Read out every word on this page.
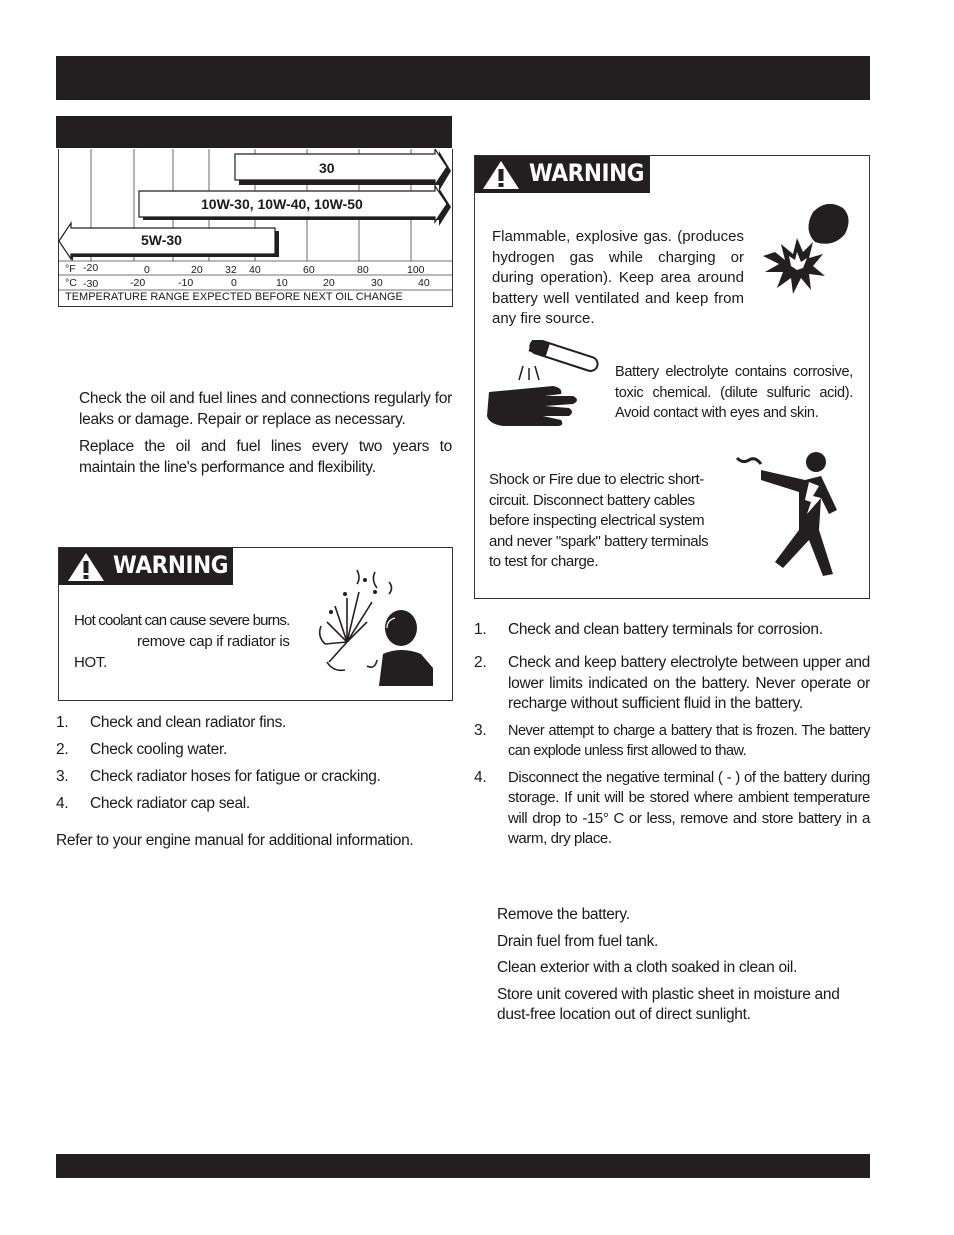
30
10W-30, 10W-40, 10W-50
5W-30
°F
°C
-20	0	20 32 40	60	80	100
-30	-20	-10	0	10	20	30	40
TEMPERATURE RANGE EXPECTED BEFORE NEXT OIL CHANGE
Check the oil and fuel lines and connections regularly for leaks or damage. Repair or replace as necessary.
Replace the oil and fuel lines every two years to maintain the line's performance and flexibility.
WARNING
Hot coolant can cause severe burns.
remove cap if radiator is
HOT.
1. Check and clean radiator fins.
2. Check cooling water.
3. Check radiator hoses for fatigue or cracking.
4. Check radiator cap seal.
Refer to your engine manual for additional information.
WARNING
Flammable, explosive gas. (produces hydrogen gas while charging or during operation). Keep area around battery well ventilated and keep from any fire source.
Battery electrolyte contains corrosive, toxic chemical. (dilute sulfuric acid). Avoid contact with eyes and skin.
Shock or Fire due to electric short-circuit. Disconnect battery cables before inspecting electrical system and never "spark" battery terminals to test for charge.
1. Check and clean battery terminals for corrosion.
2. Check and keep battery electrolyte between upper and lower limits indicated on the battery. Never operate or recharge without sufficient fluid in the battery.
3. Never attempt to charge a battery that is frozen. The battery can explode unless first allowed to thaw.
4. Disconnect the negative terminal ( - ) of the battery during storage. If unit will be stored where ambient temperature will drop to -15° C or less, remove and store battery in a warm, dry place.
Remove the battery.
Drain fuel from fuel tank.
Clean exterior with a cloth soaked in clean oil.
Store unit covered with plastic sheet in moisture and dust-free location out of direct sunlight.
